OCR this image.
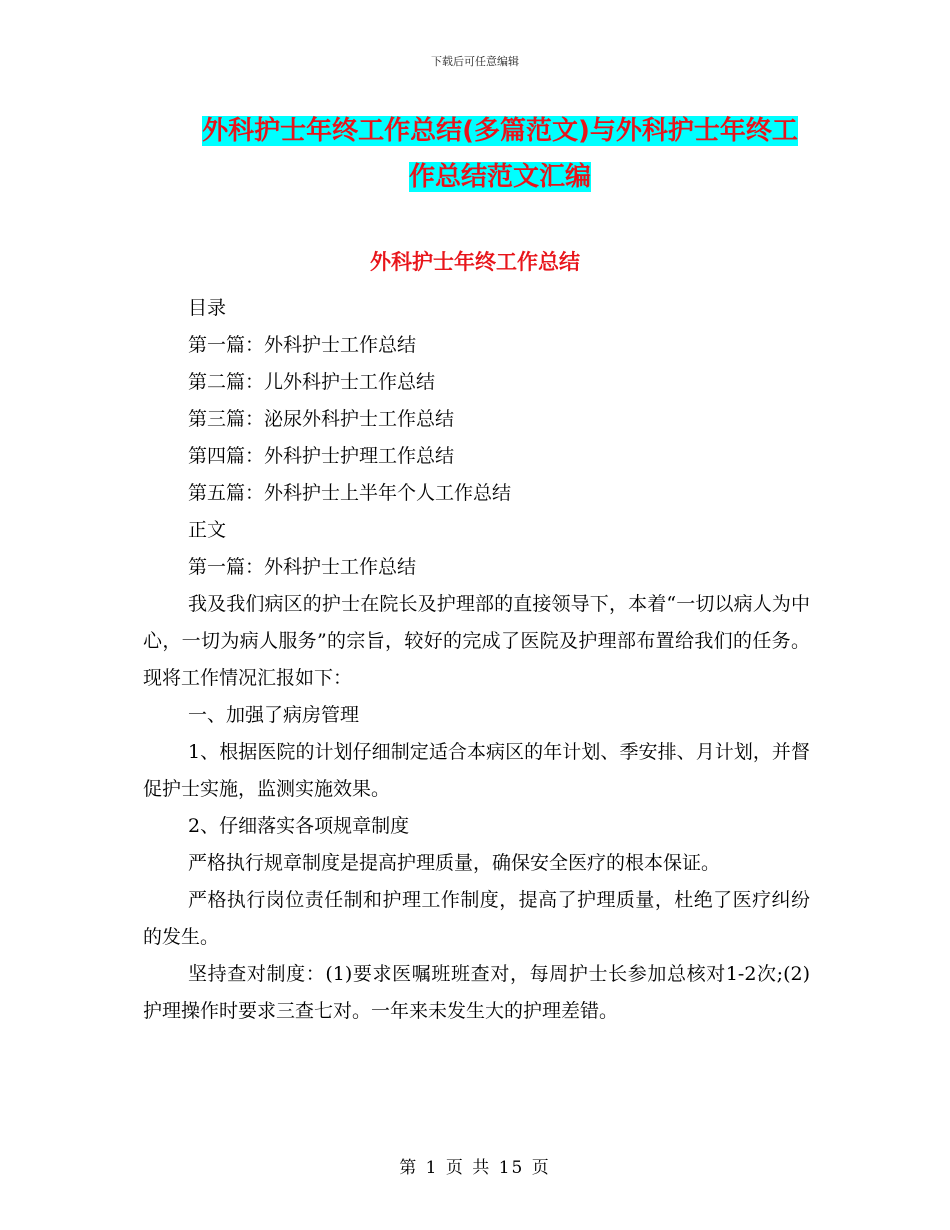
下载后可任意编辑
外科护士年终工作总结(多篇范文)与外科护士年终工
作总结范文汇编
外科护士年终工作总结
目录
第一篇：外科护士工作总结
第二篇：儿外科护士工作总结
第三篇：泌尿外科护士工作总结
第四篇：外科护士护理工作总结
第五篇：外科护士上半年个人工作总结
正文
第一篇：外科护士工作总结

我及我们病区的护士在院长及护理部的直接领导下，本着“一切以病人为中心，一切为病人服务”的宗旨，较好的完成了医院及护理部布置给我们的任务。现将工作情况汇报如下：

一、加强了病房管理

1、根据医院的计划仔细制定适合本病区的年计划、季安排、月计划，并督促护士实施，监测实施效果。

2、仔细落实各项规章制度

严格执行规章制度是提高护理质量，确保安全医疗的根本保证。

严格执行岗位责任制和护理工作制度，提高了护理质量，杜绝了医疗纠纷的发生。

坚持查对制度：(1)要求医嘱班班查对，每周护士长参加总核对1-2次;(2)护理操作时要求三查七对。一年来未发生大的护理差错。

第 1 页 共 15 页
